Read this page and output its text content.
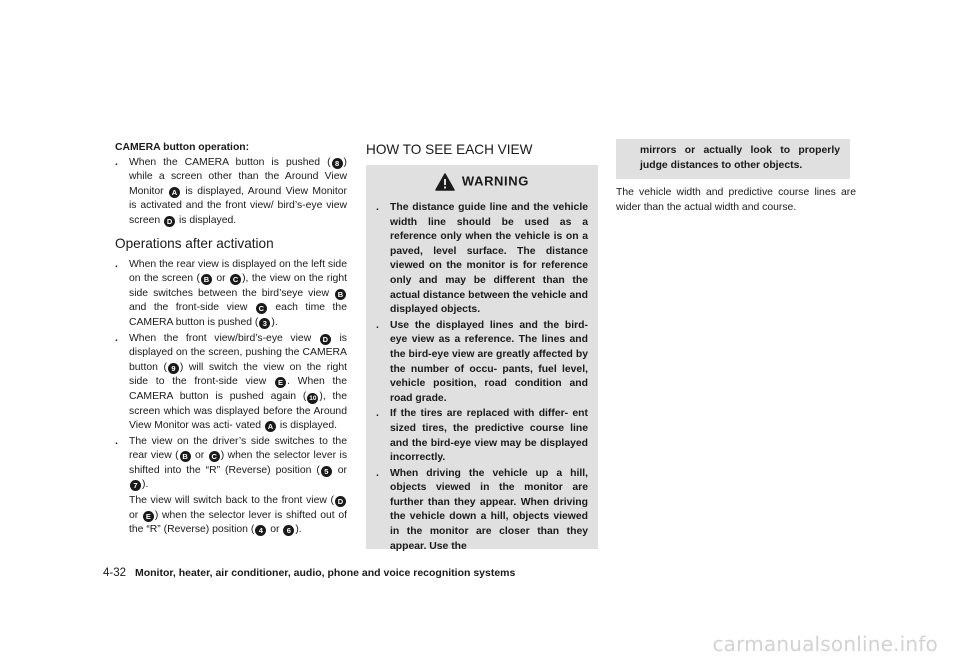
CAMERA button operation:
. When the CAMERA button is pushed ( 8 ) while a screen other than the Around View Monitor A is displayed, Around View Monitor is activated and the front view/ bird’s-eye view screen D is displayed.
Operations after activation
. When the rear view is displayed on the left side on the screen ( B or C ), the view on the right side switches between the bird’seye view B and the front-side view C each time the CAMERA button is pushed ( 3 ).
. When the front view/bird’s-eye view D is displayed on the screen, pushing the CAMERA button ( 9 ) will switch the view on the right side to the front-side view E . When the CAMERA button is pushed again ( 10 ), the screen which was displayed before the Around View Monitor was acti- vated A is displayed.
. The view on the driver’s side switches to the rear view ( B or C ) when the selector lever is shifted into the “R” (Reverse) position ( 5 or 7 ).
The view will switch back to the front view ( D or E ) when the selector lever is shifted out of the “R” (Reverse) position ( 4 or 6 ).
HOW TO SEE EACH VIEW
WARNING
. The distance guide line and the vehicle width line should be used as a reference only when the vehicle is on a paved, level surface. The distance viewed on the monitor is for reference only and may be different than the actual distance between the vehicle and displayed objects.
. Use the displayed lines and the bird-eye view as a reference. The lines and the bird-eye view are greatly affected by the number of occu- pants, fuel level, vehicle position, road condition and road grade.
. If the tires are replaced with differ- ent sized tires, the predictive course line and the bird-eye view may be displayed incorrectly.
. When driving the vehicle up a hill, objects viewed in the monitor are further than they appear. When driving the vehicle down a hill, objects viewed in the monitor are closer than they appear. Use the
mirrors or actually look to properly judge distances to other objects.
The vehicle width and predictive course lines are wider than the actual width and course.
4-32 Monitor, heater, air conditioner, audio, phone and voice recognition systems
carmanualsonline.info
